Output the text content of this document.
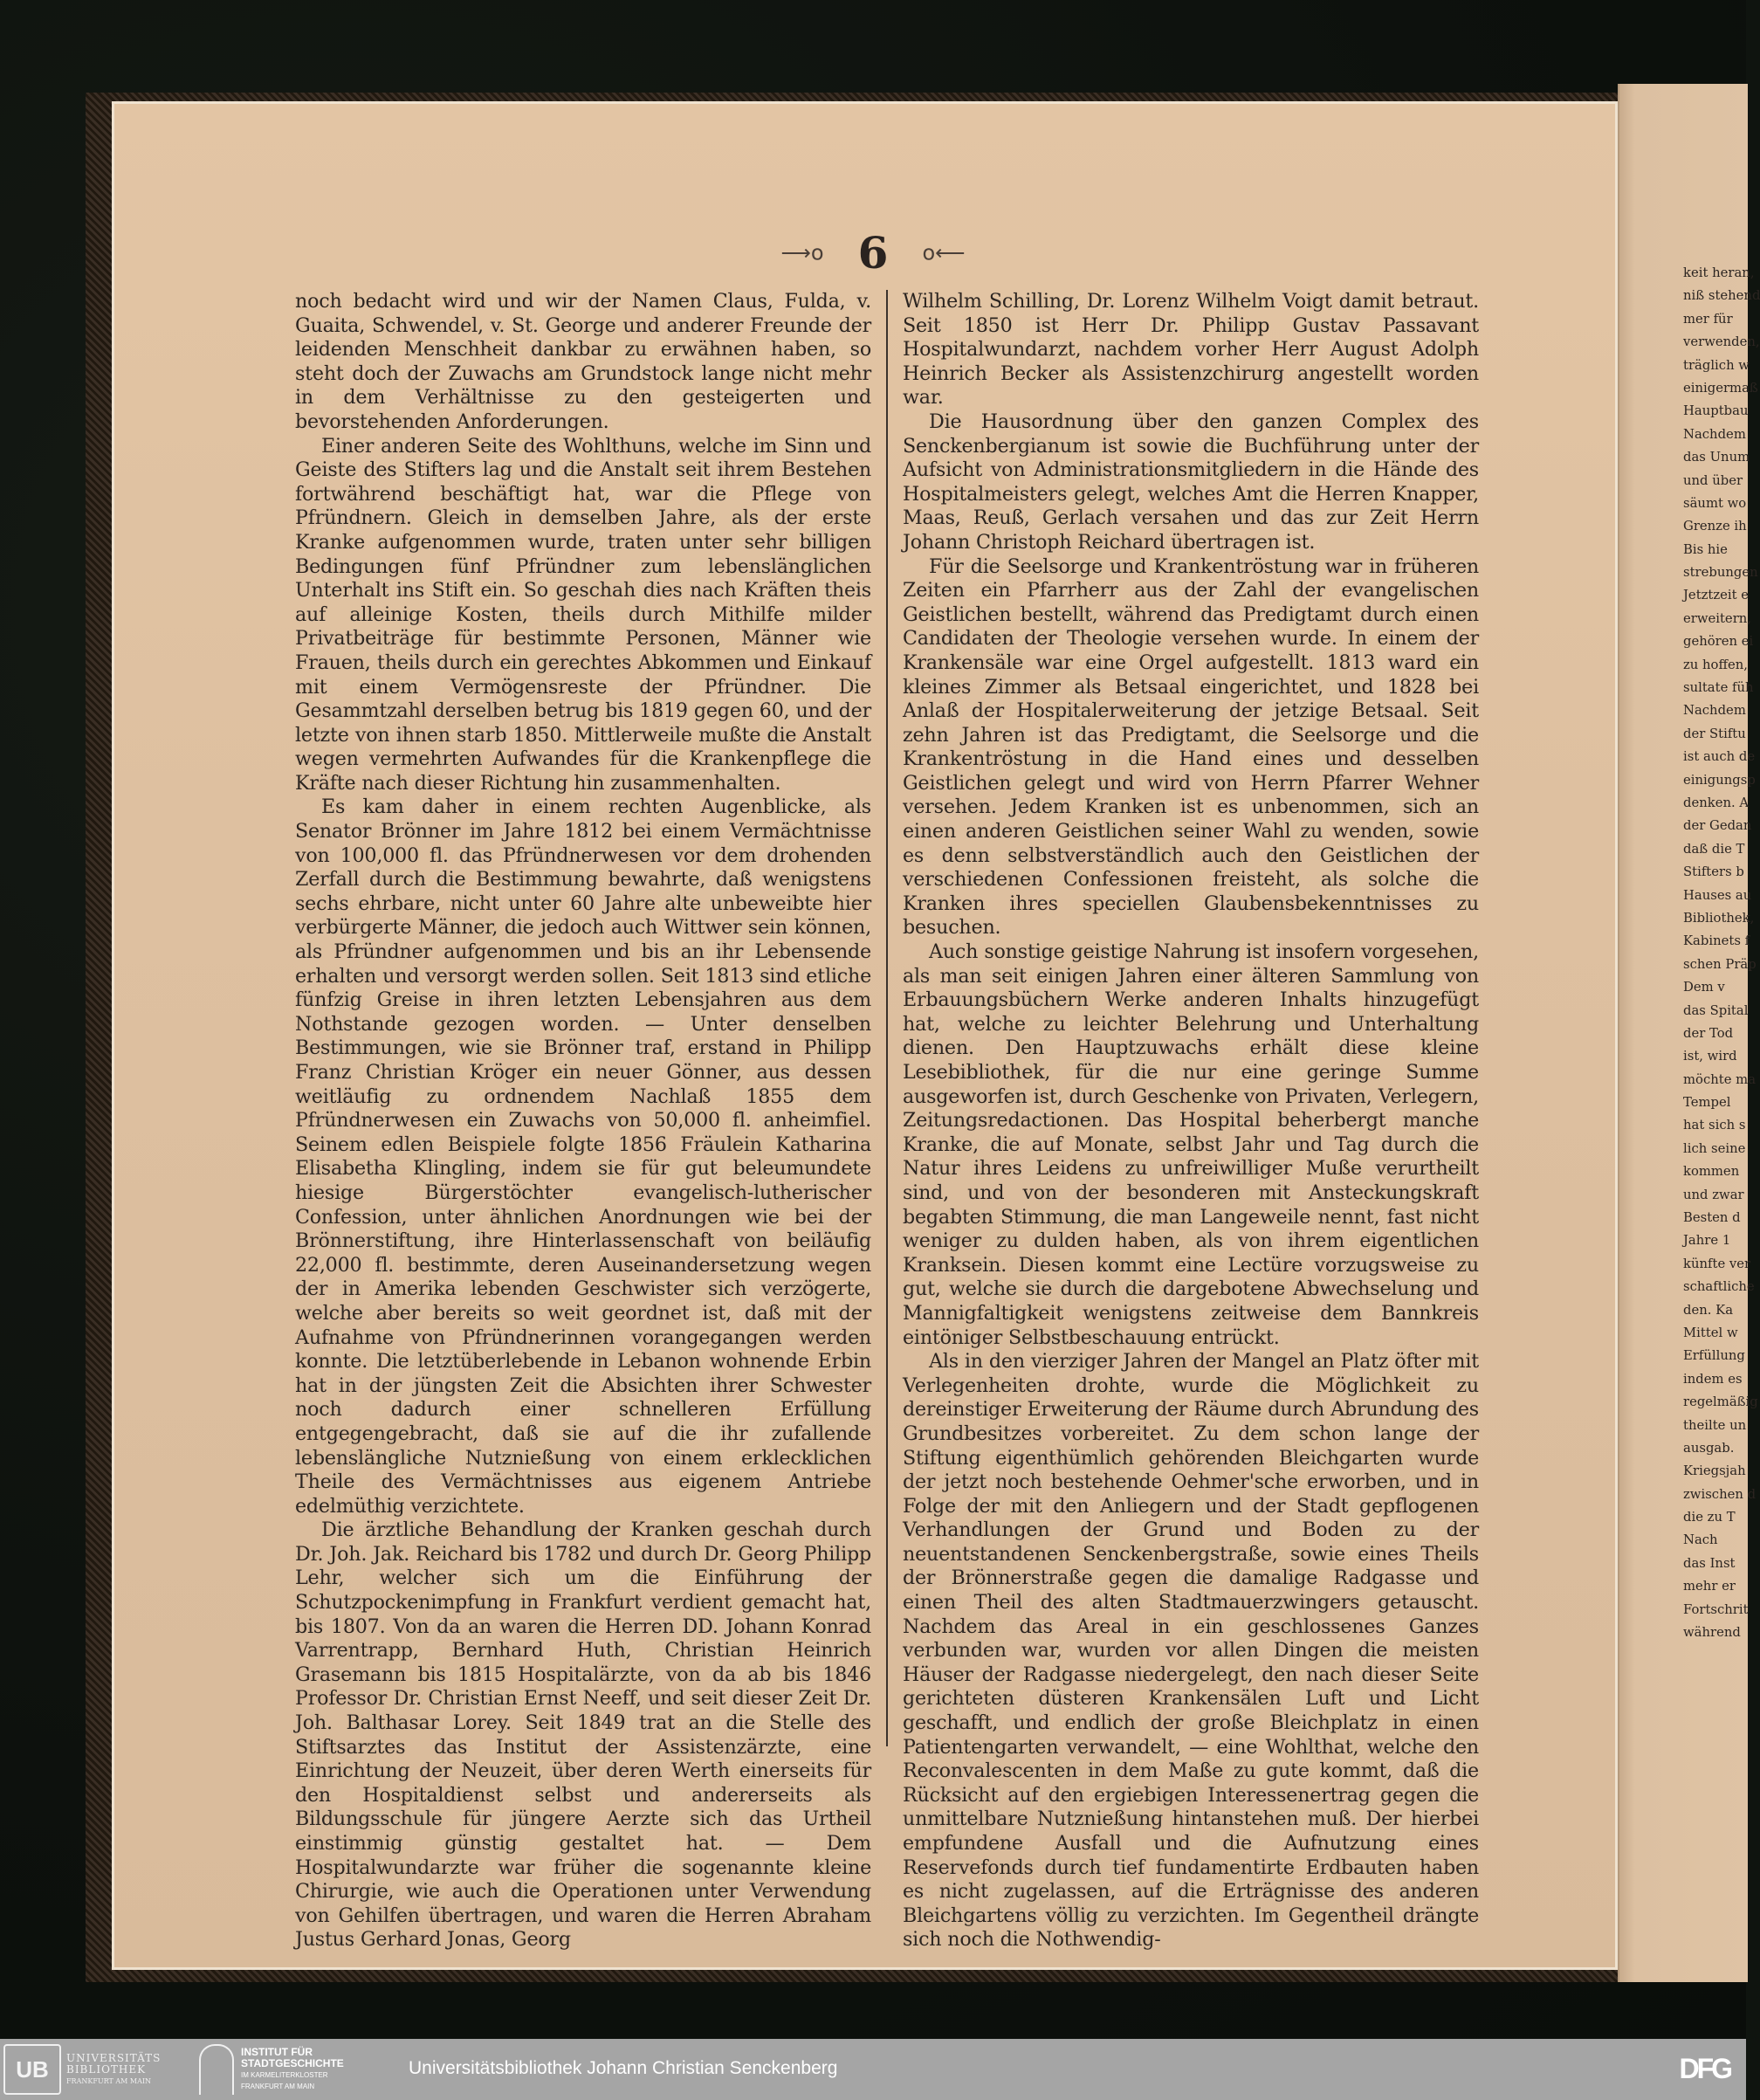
⟶o 6 o⟵

noch bedacht wird und wir der Namen Claus, Fulda, v. Guaita, Schwendel, v. St. George und anderer Freunde der leidenden Menschheit dankbar zu erwähnen haben, so steht doch der Zuwachs am Grundstock lange nicht mehr in dem Verhältnisse zu den gesteigerten und bevorstehenden Anforderungen.

Einer anderen Seite des Wohlthuns, welche im Sinn und Geiste des Stifters lag und die Anstalt seit ihrem Bestehen fortwährend beschäftigt hat, war die Pflege von Pfründnern. Gleich in demselben Jahre, als der erste Kranke aufgenommen wurde, traten unter sehr billigen Bedingungen fünf Pfründner zum lebenslänglichen Unterhalt ins Stift ein. So geschah dies nach Kräften theis auf alleinige Kosten, theils durch Mithilfe milder Privatbeiträge für bestimmte Personen, Männer wie Frauen, theils durch ein gerechtes Abkommen und Einkauf mit einem Vermögensreste der Pfründner. Die Gesammtzahl derselben betrug bis 1819 gegen 60, und der letzte von ihnen starb 1850. Mittlerweile mußte die Anstalt wegen vermehrten Aufwandes für die Krankenpflege die Kräfte nach dieser Richtung hin zusammenhalten.

Es kam daher in einem rechten Augenblicke, als Senator Brönner im Jahre 1812 bei einem Vermächtnisse von 100,000 fl. das Pfründnerwesen vor dem drohenden Zerfall durch die Bestimmung bewahrte, daß wenigstens sechs ehrbare, nicht unter 60 Jahre alte unbeweibte hier verbürgerte Männer, die jedoch auch Wittwer sein können, als Pfründner aufgenommen und bis an ihr Lebensende erhalten und versorgt werden sollen. Seit 1813 sind etliche fünfzig Greise in ihren letzten Lebensjahren aus dem Nothstande gezogen worden. — Unter denselben Bestimmungen, wie sie Brönner traf, erstand in Philipp Franz Christian Kröger ein neuer Gönner, aus dessen weitläufig zu ordnendem Nachlaß 1855 dem Pfründnerwesen ein Zuwachs von 50,000 fl. anheimfiel. Seinem edlen Beispiele folgte 1856 Fräulein Katharina Elisabetha Klingling, indem sie für gut beleumundete hiesige Bürgerstöchter evangelisch-lutherischer Confession, unter ähnlichen Anordnungen wie bei der Brönnerstiftung, ihre Hinterlassenschaft von beiläufig 22,000 fl. bestimmte, deren Auseinandersetzung wegen der in Amerika lebenden Geschwister sich verzögerte, welche aber bereits so weit geordnet ist, daß mit der Aufnahme von Pfründnerinnen vorangegangen werden konnte. Die letztüberlebende in Lebanon wohnende Erbin hat in der jüngsten Zeit die Absichten ihrer Schwester noch dadurch einer schnelleren Erfüllung entgegengebracht, daß sie auf die ihr zufallende lebenslängliche Nutznießung von einem erklecklichen Theile des Vermächtnisses aus eigenem Antriebe edelmüthig verzichtete.

Die ärztliche Behandlung der Kranken geschah durch Dr. Joh. Jak. Reichard bis 1782 und durch Dr. Georg Philipp Lehr, welcher sich um die Einführung der Schutzpockenimpfung in Frankfurt verdient gemacht hat, bis 1807. Von da an waren die Herren DD. Johann Konrad Varrentrapp, Bernhard Huth, Christian Heinrich Grasemann bis 1815 Hospitalärzte, von da ab bis 1846 Professor Dr. Christian Ernst Neeff, und seit dieser Zeit Dr. Joh. Balthasar Lorey. Seit 1849 trat an die Stelle des Stiftsarztes das Institut der Assistenzärzte, eine Einrichtung der Neuzeit, über deren Werth einerseits für den Hospitaldienst selbst und andererseits als Bildungsschule für jüngere Aerzte sich das Urtheil einstimmig günstig gestaltet hat. — Dem Hospitalwundarzte war früher die sogenannte kleine Chirurgie, wie auch die Operationen unter Verwendung von Gehilfen übertragen, und waren die Herren Abraham Justus Gerhard Jonas, Georg

Wilhelm Schilling, Dr. Lorenz Wilhelm Voigt damit betraut. Seit 1850 ist Herr Dr. Philipp Gustav Passavant Hospitalwundarzt, nachdem vorher Herr August Adolph Heinrich Becker als Assistenzchirurg angestellt worden war.

Die Hausordnung über den ganzen Complex des Senckenbergianum ist sowie die Buchführung unter der Aufsicht von Administrationsmitgliedern in die Hände des Hospitalmeisters gelegt, welches Amt die Herren Knapper, Maas, Reuß, Gerlach versahen und das zur Zeit Herrn Johann Christoph Reichard übertragen ist.

Für die Seelsorge und Krankentröstung war in früheren Zeiten ein Pfarrherr aus der Zahl der evangelischen Geistlichen bestellt, während das Predigtamt durch einen Candidaten der Theologie versehen wurde. In einem der Krankensäle war eine Orgel aufgestellt. 1813 ward ein kleines Zimmer als Betsaal eingerichtet, und 1828 bei Anlaß der Hospitalerweiterung der jetzige Betsaal. Seit zehn Jahren ist das Predigtamt, die Seelsorge und die Krankentröstung in die Hand eines und desselben Geistlichen gelegt und wird von Herrn Pfarrer Wehner versehen. Jedem Kranken ist es unbenommen, sich an einen anderen Geistlichen seiner Wahl zu wenden, sowie es denn selbstverständlich auch den Geistlichen der verschiedenen Confessionen freisteht, als solche die Kranken ihres speciellen Glaubensbekenntnisses zu besuchen.

Auch sonstige geistige Nahrung ist insofern vorgesehen, als man seit einigen Jahren einer älteren Sammlung von Erbauungsbüchern Werke anderen Inhalts hinzugefügt hat, welche zu leichter Belehrung und Unterhaltung dienen. Den Hauptzuwachs erhält diese kleine Lesebibliothek, für die nur eine geringe Summe ausgeworfen ist, durch Geschenke von Privaten, Verlegern, Zeitungsredactionen. Das Hospital beherbergt manche Kranke, die auf Monate, selbst Jahr und Tag durch die Natur ihres Leidens zu unfreiwilliger Muße verurtheilt sind, und von der besonderen mit Ansteckungskraft begabten Stimmung, die man Langeweile nennt, fast nicht weniger zu dulden haben, als von ihrem eigentlichen Kranksein. Diesen kommt eine Lectüre vorzugsweise zu gut, welche sie durch die dargebotene Abwechselung und Mannigfaltigkeit wenigstens zeitweise dem Bannkreis eintöniger Selbstbeschauung entrückt.

Als in den vierziger Jahren der Mangel an Platz öfter mit Verlegenheiten drohte, wurde die Möglichkeit zu dereinstiger Erweiterung der Räume durch Abrundung des Grundbesitzes vorbereitet. Zu dem schon lange der Stiftung eigenthümlich gehörenden Bleichgarten wurde der jetzt noch bestehende Oehmer'sche erworben, und in Folge der mit den Anliegern und der Stadt gepflogenen Verhandlungen der Grund und Boden zu der neuentstandenen Senckenbergstraße, sowie eines Theils der Brönnerstraße gegen die damalige Radgasse und einen Theil des alten Stadtmauerzwingers getauscht. Nachdem das Areal in ein geschlossenes Ganzes verbunden war, wurden vor allen Dingen die meisten Häuser der Radgasse niedergelegt, den nach dieser Seite gerichteten düsteren Krankensälen Luft und Licht geschafft, und endlich der große Bleichplatz in einen Patientengarten verwandelt, — eine Wohlthat, welche den Reconvalescenten in dem Maße zu gute kommt, daß die Rücksicht auf den ergiebigen Interessenertrag gegen die unmittelbare Nutznießung hintanstehen muß. Der hierbei empfundene Ausfall und die Aufnutzung eines Reservefonds durch tief fundamentirte Erdbauten haben es nicht zugelassen, auf die Erträgnisse des anderen Bleichgartens völlig zu verzichten. Im Gegentheil drängte sich noch die Nothwendig-

keit heran,
niß stehend
mer für
verwenden,
träglich w
einigermaß
Hauptbau
Nachdem
das Unum
und über
säumt wo
Grenze ih
Bis hie
strebungen
Jetztzeit e
erweitern,
gehören ei
zu hoffen,
sultate füh
Nachdem
der Stiftu
ist auch de
einigungsp
denken. A
der Gedan
daß die T
Stifters b
Hauses au
Bibliothek,
Kabinets f
schen Präp
Dem v
das Spital
der Tod
ist, wird
möchte ma
Tempel
hat sich s
lich seine
kommen
und zwar
Besten d
Jahre 1
künfte ver
schaftliche
den. Ka
Mittel w
Erfüllung
indem es
regelmäßig
theilte un
ausgab.
Kriegsjah
zwischen d
die zu T
Nach
das Inst
mehr er
Fortschrit
während
UB	UNIVERSITÄTS
BIBLIOTHEK
FRANKFURT AM MAIN
INSTITUT FÜR
STADTGESCHICHTE
IM KARMELITERKLOSTER
FRANKFURT AM MAIN
Universitätsbibliothek Johann Christian Senckenberg	DFG
